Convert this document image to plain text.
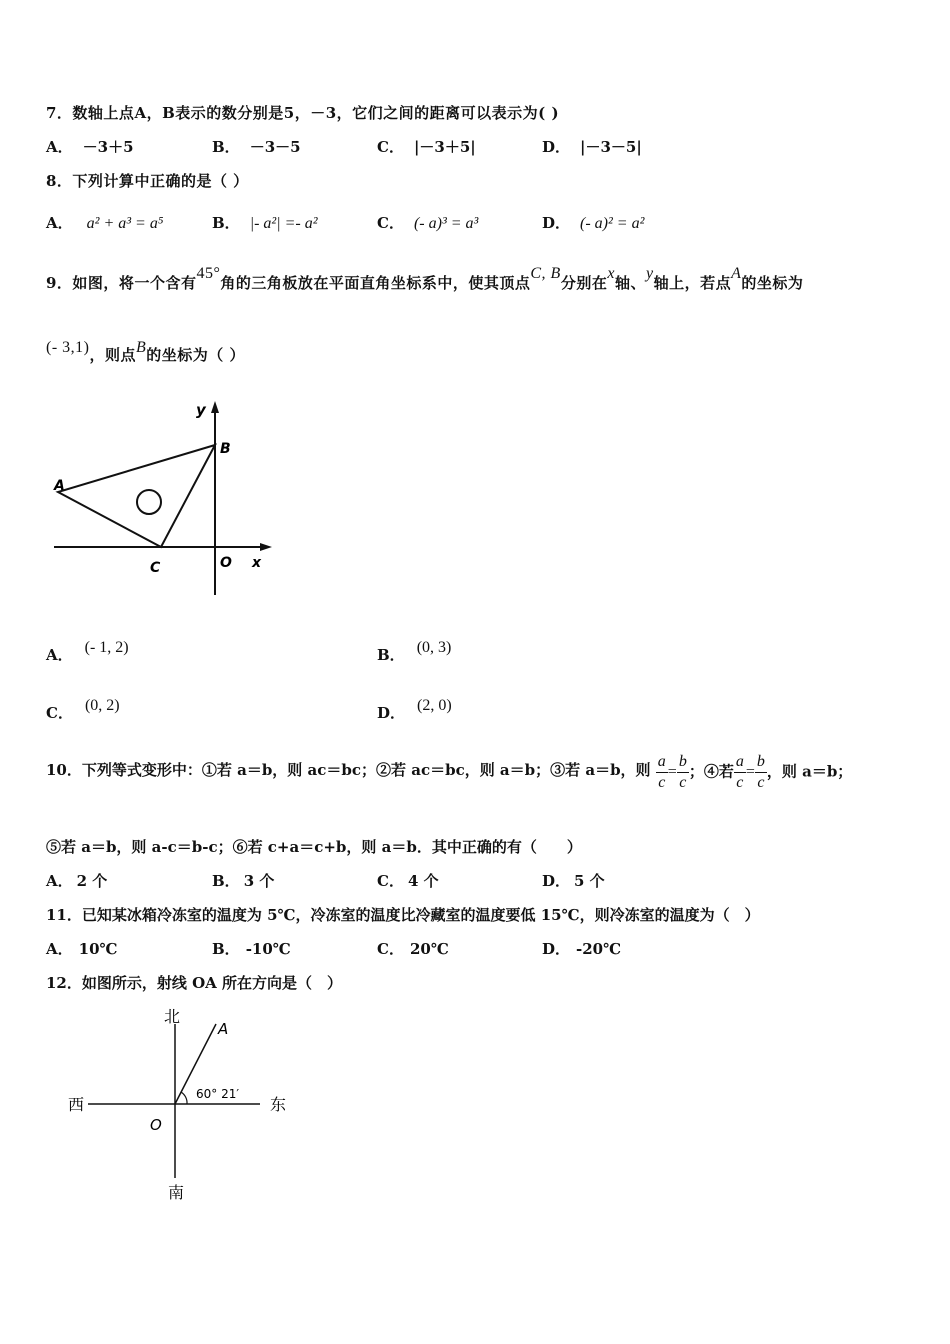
7．数轴上点A，B表示的数分别是5，－3，它们之间的距离可以表示为( )
A． －3＋5	B． －3－5	C． |－3＋5|	D． |－3－5|
8．下列计算中正确的是（ ）
A． a² + a³ = a⁵	B． |- a²| =- a²	C． (- a)³ = a³	D． (- a)² = a²
9．如图，将一个含有45°角的三角板放在平面直角坐标系中，使其顶点C, B分别在x轴、y轴上，若点A的坐标为
(- 3,1)，则点B的坐标为（ ）
y
B
A
C	O x
A． (- 1, 2)	B． (0, 3)
C． (0, 2)	D． (2, 0)
10．下列等式变形中：①若 a＝b，则 ac＝bc；②若 ac＝bc，则 a＝b；③若 a＝b，则 $\frac{a}{c} = \frac{b}{c}$ ；④若 $\frac{a}{c} = \frac{b}{c}$ ，则 a＝b；
⑤若 a＝b，则 a-c＝b-c；⑥若 c+a＝c+b，则 a＝b．其中正确的有（　　）
A． 2 个	B． 3 个	C． 4 个	D． 5 个
11．已知某冰箱冷冻室的温度为 5℃，冷冻室的温度比冷藏室的温度要低 15℃，则冷冻室的温度为（　）
A． 10℃	B． -10℃	C． 20℃	D． -20℃
12．如图所示，射线 OA 所在方向是（　）
北
南
西	东
O
A
60° 21′
